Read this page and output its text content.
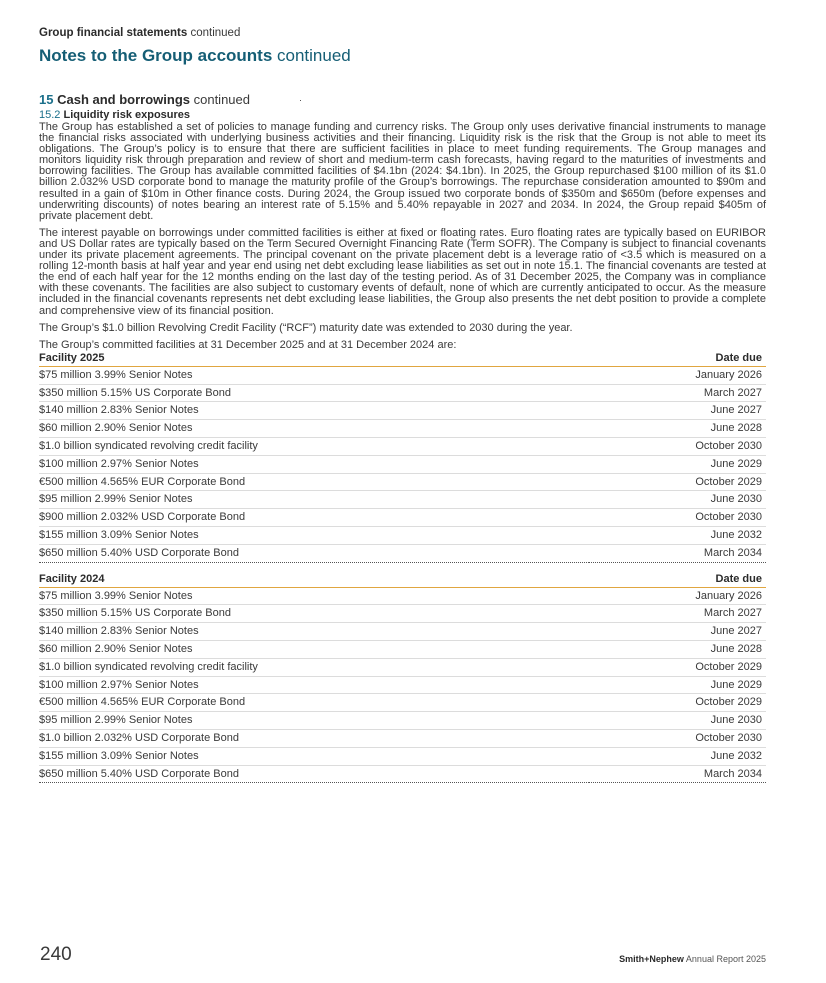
Group financial statements continued
Notes to the Group accounts continued
15 Cash and borrowings continued
15.2 Liquidity risk exposures

The Group has established a set of policies to manage funding and currency risks. The Group only uses derivative financial instruments to manage the financial risks associated with underlying business activities and their financing. Liquidity risk is the risk that the Group is not able to meet its obligations. The Group’s policy is to ensure that there are sufficient facilities in place to meet funding requirements. The Group manages and monitors liquidity risk through preparation and review of short and medium-term cash forecasts, having regard to the maturities of investments and borrowing facilities. The Group has available committed facilities of $4.1bn (2024: $4.1bn). In 2025, the Group repurchased $100 million of its $1.0 billion 2.032% USD corporate bond to manage the maturity profile of the Group’s borrowings. The repurchase consideration amounted to $90m and resulted in a gain of $10m in Other finance costs. During 2024, the Group issued two corporate bonds of $350m and $650m (before expenses and underwriting discounts) of notes bearing an interest rate of 5.15% and 5.40% repayable in 2027 and 2034. In 2024, the Group repaid $405m of private placement debt.

The interest payable on borrowings under committed facilities is either at fixed or floating rates. Euro floating rates are typically based on EURIBOR and US Dollar rates are typically based on the Term Secured Overnight Financing Rate (Term SOFR). The Company is subject to financial covenants under its private placement agreements. The principal covenant on the private placement debt is a leverage ratio of <3.5 which is measured on a rolling 12-month basis at half year and year end using net debt excluding lease liabilities as set out in note 15.1. The financial covenants are tested at the end of each half year for the 12 months ending on the last day of the testing period. As of 31 December 2025, the Company was in compliance with these covenants. The facilities are also subject to customary events of default, none of which are currently anticipated to occur. As the measure included in the financial covenants represents net debt excluding lease liabilities, the Group also presents the net debt position to provide a complete and comprehensive view of its financial position.

The Group’s $1.0 billion Revolving Credit Facility (“RCF”) maturity date was extended to 2030 during the year.

The Group’s committed facilities at 31 December 2025 and at 31 December 2024 are:

Facility 2025	Date due
$75 million 3.99% Senior Notes	January 2026
$350 million 5.15% US Corporate Bond	March 2027
$140 million 2.83% Senior Notes	June 2027
$60 million 2.90% Senior Notes	June 2028
$1.0 billion syndicated revolving credit facility	October 2030
$100 million 2.97% Senior Notes	June 2029
€500 million 4.565% EUR Corporate Bond	October 2029
$95 million 2.99% Senior Notes	June 2030
$900 million 2.032% USD Corporate Bond	October 2030
$155 million 3.09% Senior Notes	June 2032
$650 million 5.40% USD Corporate Bond	March 2034
Facility 2024	Date due
$75 million 3.99% Senior Notes	January 2026
$350 million 5.15% US Corporate Bond	March 2027
$140 million 2.83% Senior Notes	June 2027
$60 million 2.90% Senior Notes	June 2028
$1.0 billion syndicated revolving credit facility	October 2029
$100 million 2.97% Senior Notes	June 2029
€500 million 4.565% EUR Corporate Bond	October 2029
$95 million 2.99% Senior Notes	June 2030
$1.0 billion 2.032% USD Corporate Bond	October 2030
$155 million 3.09% Senior Notes	June 2032
$650 million 5.40% USD Corporate Bond	March 2034
240	Smith+Nephew Annual Report 2025
